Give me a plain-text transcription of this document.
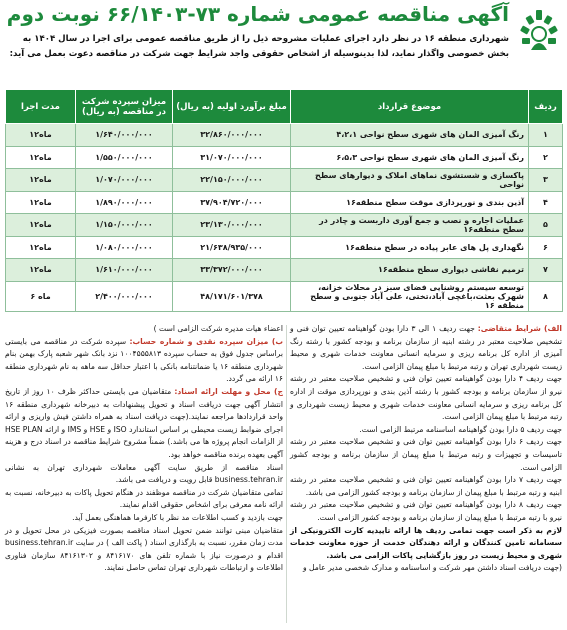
آگهی مناقصه عمومی شماره ۷۳-۶۶/۱۴۰۳ نوبت دوم
شهرداری منطقه ۱۶ در نظر دارد اجرای عملیات مشروحه ذیل را از طریق مناقصه عمومی برای اجرا در سال ۱۴۰۴ به بخش خصوصی واگذار نماید، لذا بدینوسیله از اشخاص حقوقی واجد شرایط جهت شرکت در مناقصه دعوت بعمل می آید:
ردیف	موضوع قرارداد	مبلغ برآورد اولیه (به ریال)	میزان سپرده شرکت در مناقصه (به ریال)	مدت اجرا
۱	رنگ آمیزی المان های شهری سطح نواحی ۴،۲،۱	۳۲/۸۶۰/۰۰۰/۰۰۰	۱/۶۴۰/۰۰۰/۰۰۰	۱۲ماه
۲	رنگ آمیزی المان های شهری سطح نواحی ۶،۵،۳	۳۱/۰۷۰/۰۰۰/۰۰۰	۱/۵۵۰/۰۰۰/۰۰۰	۱۲ماه
۳	پاکسازی و شستشوی نماهای املاک و دیوارهای سطح نواحی	۲۲/۱۵۰/۰۰۰/۰۰۰	۱/۰۷۰/۰۰۰/۰۰۰	۱۲ماه
۴	آذین بندی و نورپردازی موقت سطح منطقه۱۶	۳۷/۹۰۴/۷۲۰/۰۰۰	۱/۸۹۰/۰۰۰/۰۰۰	۱۲ماه
۵	عملیات اجاره و نصب و جمع آوری داربست و چادر در سطح منطقه۱۶	۲۳/۱۳۰/۰۰۰/۰۰۰	۱/۱۵۰/۰۰۰/۰۰۰	۱۲ماه
۶	نگهداری پل های عابر پیاده در سطح منطقه۱۶	۲۱/۶۳۸/۹۳۵/۰۰۰	۱/۰۸۰/۰۰۰/۰۰۰	۱۲ماه
۷	ترمیم نقاشی دیواری سطح منطقه۱۶	۳۳/۳۷۲/۰۰۰/۰۰۰	۱/۶۱۰/۰۰۰/۰۰۰	۱۲ماه
۸	توسعه سیستم روشنایی فضای سبز در محلات خزانه، شهرک بعثت،باغچی آباد،تختی، علی آباد جنوبی و سطح منطقه ۱۶	۴۸/۱۷۱/۶۰۱/۳۷۸	۲/۴۰۰/۰۰۰/۰۰۰	۶ ماه

الف) شرایط متقاضی: جهت ردیف ۱ الی ۳ دارا بودن گواهینامه تعیین توان فنی و تشخیص صلاحیت معتبر در رشته ابنیه از سازمان برنامه و بودجه کشور با رشته رنگ آمیزی از اداره کل برنامه ریزی و سرمایه انسانی معاونت خدمات شهری و محیط زیست شهرداری تهران و رتبه مرتبط با مبلغ پیمان الزامی است.

جهت ردیف ۴ دارا بودن گواهینامه تعیین توان فنی و تشخیص صلاحیت معتبر در رشته نیرو از سازمان برنامه و بودجه کشور با رشته آذین بندی و نورپردازی موقت از اداره کل برنامه ریزی و سرمایه انسانی معاونت خدمات شهری و محیط زیست شهرداری و رتبه مرتبط با مبلغ پیمان الزامی است.

جهت ردیف ۵ دارا بودن گواهینامه اساسنامه مرتبط الزامی است.

جهت ردیف ۶ دارا بودن گواهینامه تعیین توان فنی و تشخیص صلاحیت معتبر در رشته تاسیسات و تجهیزات و رتبه مرتبط با مبلغ پیمان از سازمان برنامه و بودجه کشور الزامی است.

جهت ردیف ۷ دارا بودن گواهینامه تعیین توان فنی و تشخیص صلاحیت معتبر در رشته ابنیه و رتبه مرتبط با مبلغ پیمان از سازمان برنامه و بودجه کشور الزامی می باشد.

جهت ردیف ۸ دارا بودن گواهینامه تعیین توان فنی و تشخیص صلاحیت معتبر در رشته نیرو با رتبه مرتبط با مبلغ پیمان از سازمان برنامه و بودجه کشور الزامی است.

لازم به ذکر است جهت تمامی ردیف ها ارائه تاییدیه کارت الکترونیکی از سسامانه تامین کنندگان و ارائه دهندگان خدمت از حوزه معاونت خدمات شهری و محیط زیست در روز بازگشایی پاکات الزامی می باشد.

(جهت دریافت اسناد داشتن مهر شرکت و اساسنامه و مدارک شخصی مدیر عامل و

اعضاء هیات مدیره شرکت الزامی است )

ب) میزان سپرده نقدی و شماره حساب: سپرده شرکت در مناقصه می بایستی براساس جدول فوق به حساب سپرده ۱۰۰۴۵۵۵۸۱۳ نزد بانک شهر شعبه پارک بهمن بنام شهرداری منطقه ۱۶ یا ضمانتنامه بانکی با اعتبار حداقل سه ماهه به نام شهرداری منطقه ۱۶ ارائه می گردد.

ج) محل و مهلت ارائه اسناد: متقاضیان می بایستی حداکثر ظرف ۱۰ روز از تاریخ انتشار آگهی جهت دریافت اسناد و تحویل پیشنهادات به دبیرخانه شهرداری منطقه ۱۶ واحد قراردادها مراجعه نمایند.(جهت دریافت اسناد به همراه داشتن فیش واریزی و ارائه اجرای ضوابط زیست محیطی بر اساس استاندارد ISO و HSE و IMS و ارائه HSE PLAN از الزامات انجام پروژه ها می باشد.) ضمناً مشروح شرایط مناقصه در اسناد درج و هزینه آگهی بعهده برنده مناقصه خواهد بود.

اسناد مناقصه از طریق سایت آگهی معاملات شهرداری تهران به نشانی business.tehran.ir قابل رویت و دریافت می باشد.

تمامی متقاضیان شرکت در مناقصه موظفند در هنگام تحویل پاکات به دبیرخانه، نسبت به ارائه نامه معرفی برای اشخاص حقوقی اقدام نمایند.

جهت بازدید و کسب اطلاعات مد نظر با کارفرما هماهنگی بعمل آید.

متقاضیان مبنی توانند ضمن تحویل اسناد مناقصه بصورت فیزیکی در محل تحویل و در مدت زمان مقرر، نسبت به بارگذاری اسناد ( پاکت الف ) در سایت business.tehran.ir اقدام و درصورت نیاز با شماره تلفن های ۸۴۱۶۱۷۰ و ۸۴۱۶۱۳۰۲ سازمان فناوری اطلاعات و ارتباطات شهرداری تهران تماس حاصل نمایند.
